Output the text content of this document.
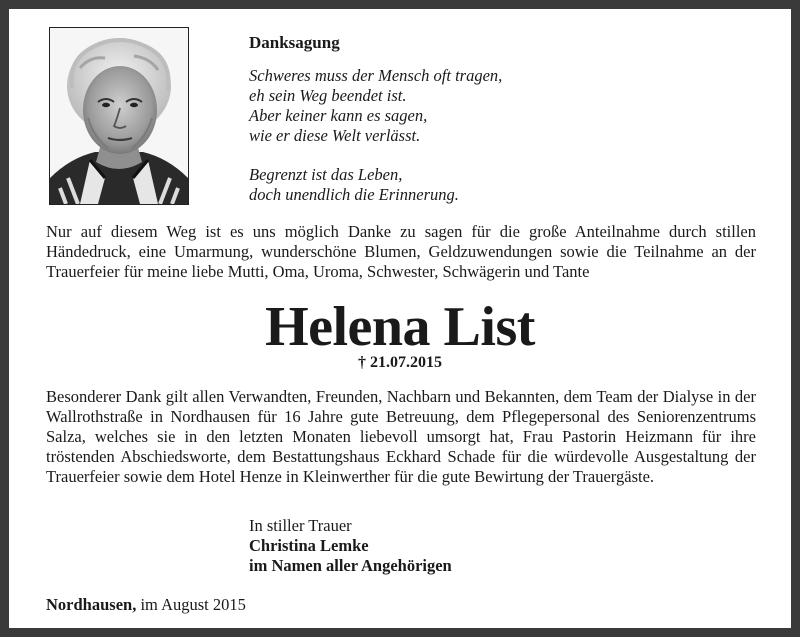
Danksagung
Schweres muss der Mensch oft tragen,
eh sein Weg beendet ist.
Aber keiner kann es sagen,
wie er diese Welt verlässt.
Begrenzt ist das Leben,
doch unendlich die Erinnerung.
Nur auf diesem Weg ist es uns möglich Danke zu sagen für die große Anteilnahme durch stillen Händedruck, eine Umarmung, wunderschöne Blumen, Geldzuwendungen sowie die Teilnahme an der Trauerfeier für meine liebe Mutti, Oma, Uroma, Schwester, Schwägerin und Tante
Helena List
† 21.07.2015
Besonderer Dank gilt allen Verwandten, Freunden, Nachbarn und Bekannten, dem Team der Dialyse in der Wallrothstraße in Nordhausen für 16 Jahre gute Betreuung, dem Pflegepersonal des Seniorenzentrums Salza, welches sie in den letzten Monaten liebevoll umsorgt hat, Frau Pastorin Heizmann für ihre tröstenden Abschiedsworte, dem Bestattungshaus Eckhard Schade für die würdevolle Ausgestaltung der Trauerfeier sowie dem Hotel Henze in Kleinwerther für die gute Bewirtung der Trauergäste.
In stiller Trauer
Christina Lemke
im Namen aller Angehörigen
Nordhausen, im August 2015
